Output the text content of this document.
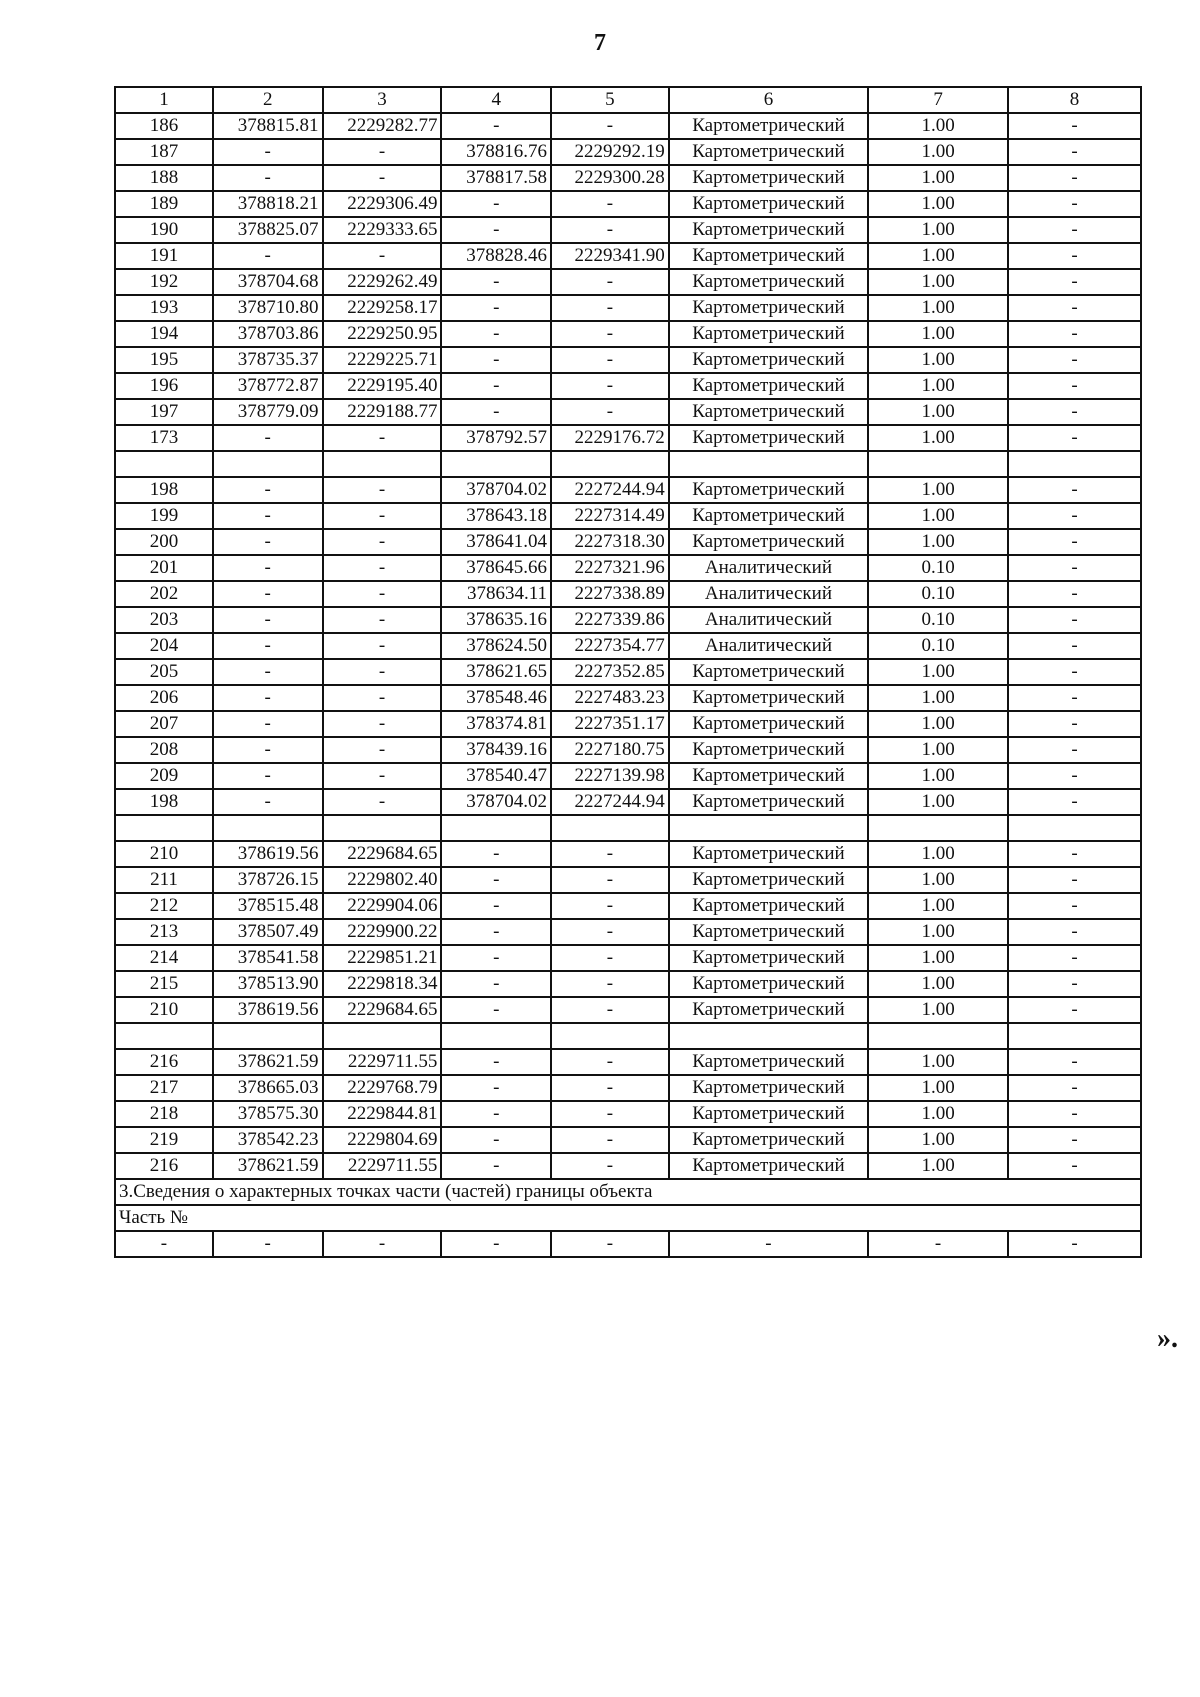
7
1	2	3	4	5	6	7	8
186	378815.81	2229282.77	-	-	Картометрический	1.00	-
187	-	-	378816.76	2229292.19	Картометрический	1.00	-
188	-	-	378817.58	2229300.28	Картометрический	1.00	-
189	378818.21	2229306.49	-	-	Картометрический	1.00	-
190	378825.07	2229333.65	-	-	Картометрический	1.00	-
191	-	-	378828.46	2229341.90	Картометрический	1.00	-
192	378704.68	2229262.49	-	-	Картометрический	1.00	-
193	378710.80	2229258.17	-	-	Картометрический	1.00	-
194	378703.86	2229250.95	-	-	Картометрический	1.00	-
195	378735.37	2229225.71	-	-	Картометрический	1.00	-
196	378772.87	2229195.40	-	-	Картометрический	1.00	-
197	378779.09	2229188.77	-	-	Картометрический	1.00	-
173	-	-	378792.57	2229176.72	Картометрический	1.00	-

198	-	-	378704.02	2227244.94	Картометрический	1.00	-
199	-	-	378643.18	2227314.49	Картометрический	1.00	-
200	-	-	378641.04	2227318.30	Картометрический	1.00	-
201	-	-	378645.66	2227321.96	Аналитический	0.10	-
202	-	-	378634.11	2227338.89	Аналитический	0.10	-
203	-	-	378635.16	2227339.86	Аналитический	0.10	-
204	-	-	378624.50	2227354.77	Аналитический	0.10	-
205	-	-	378621.65	2227352.85	Картометрический	1.00	-
206	-	-	378548.46	2227483.23	Картометрический	1.00	-
207	-	-	378374.81	2227351.17	Картометрический	1.00	-
208	-	-	378439.16	2227180.75	Картометрический	1.00	-
209	-	-	378540.47	2227139.98	Картометрический	1.00	-
198	-	-	378704.02	2227244.94	Картометрический	1.00	-

210	378619.56	2229684.65	-	-	Картометрический	1.00	-
211	378726.15	2229802.40	-	-	Картометрический	1.00	-
212	378515.48	2229904.06	-	-	Картометрический	1.00	-
213	378507.49	2229900.22	-	-	Картометрический	1.00	-
214	378541.58	2229851.21	-	-	Картометрический	1.00	-
215	378513.90	2229818.34	-	-	Картометрический	1.00	-
210	378619.56	2229684.65	-	-	Картометрический	1.00	-

216	378621.59	2229711.55	-	-	Картометрический	1.00	-
217	378665.03	2229768.79	-	-	Картометрический	1.00	-
218	378575.30	2229844.81	-	-	Картометрический	1.00	-
219	378542.23	2229804.69	-	-	Картометрический	1.00	-
216	378621.59	2229711.55	-	-	Картометрический	1.00	-
3.Сведения о характерных точках части (частей) границы объекта							
Часть №							
-	-	-	-	-	-	-	-
».
